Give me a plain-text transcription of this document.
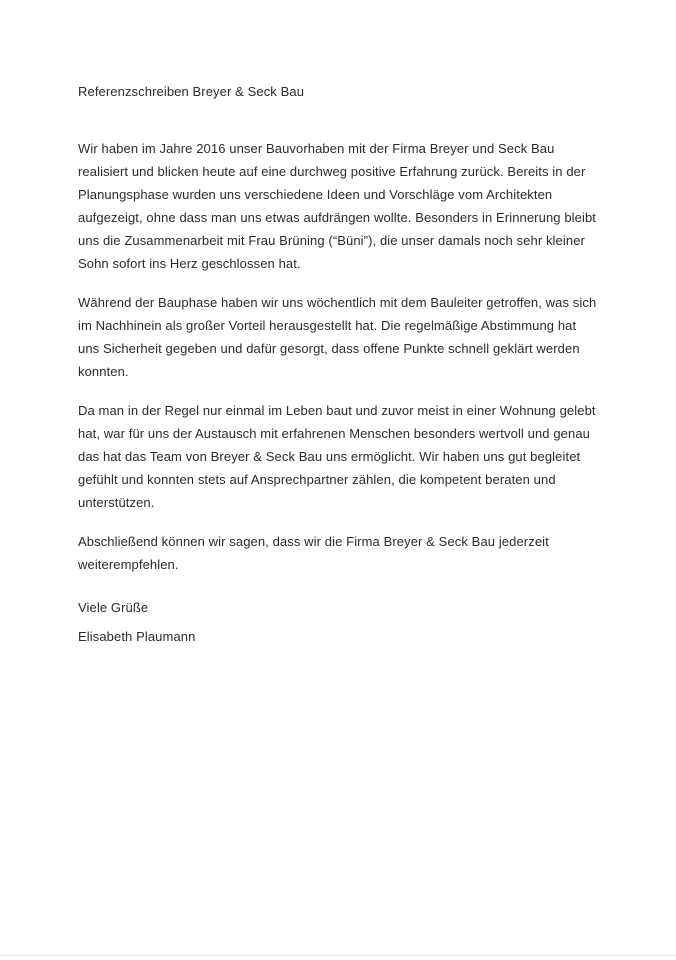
Referenzschreiben Breyer & Seck Bau

Wir haben im Jahre 2016 unser Bauvorhaben mit der Firma Breyer und Seck Bau realisiert und blicken heute auf eine durchweg positive Erfahrung zurück. Bereits in der Planungsphase wurden uns verschiedene Ideen und Vorschläge vom Architekten aufgezeigt, ohne dass man uns etwas aufdrängen wollte. Besonders in Erinnerung bleibt uns die Zusammenarbeit mit Frau Brüning (“Büni”), die unser damals noch sehr kleiner Sohn sofort ins Herz geschlossen hat.

Während der Bauphase haben wir uns wöchentlich mit dem Bauleiter getroffen, was sich im Nachhinein als großer Vorteil herausgestellt hat. Die regelmäßige Abstimmung hat uns Sicherheit gegeben und dafür gesorgt, dass offene Punkte schnell geklärt werden konnten.

Da man in der Regel nur einmal im Leben baut und zuvor meist in einer Wohnung gelebt hat, war für uns der Austausch mit erfahrenen Menschen besonders wertvoll und genau das hat das Team von Breyer & Seck Bau uns ermöglicht. Wir haben uns gut begleitet gefühlt und konnten stets auf Ansprechpartner zählen, die kompetent beraten und unterstützen.

Abschließend können wir sagen, dass wir die Firma Breyer & Seck Bau jederzeit weiterempfehlen.

Viele Grüße

Elisabeth Plaumann
